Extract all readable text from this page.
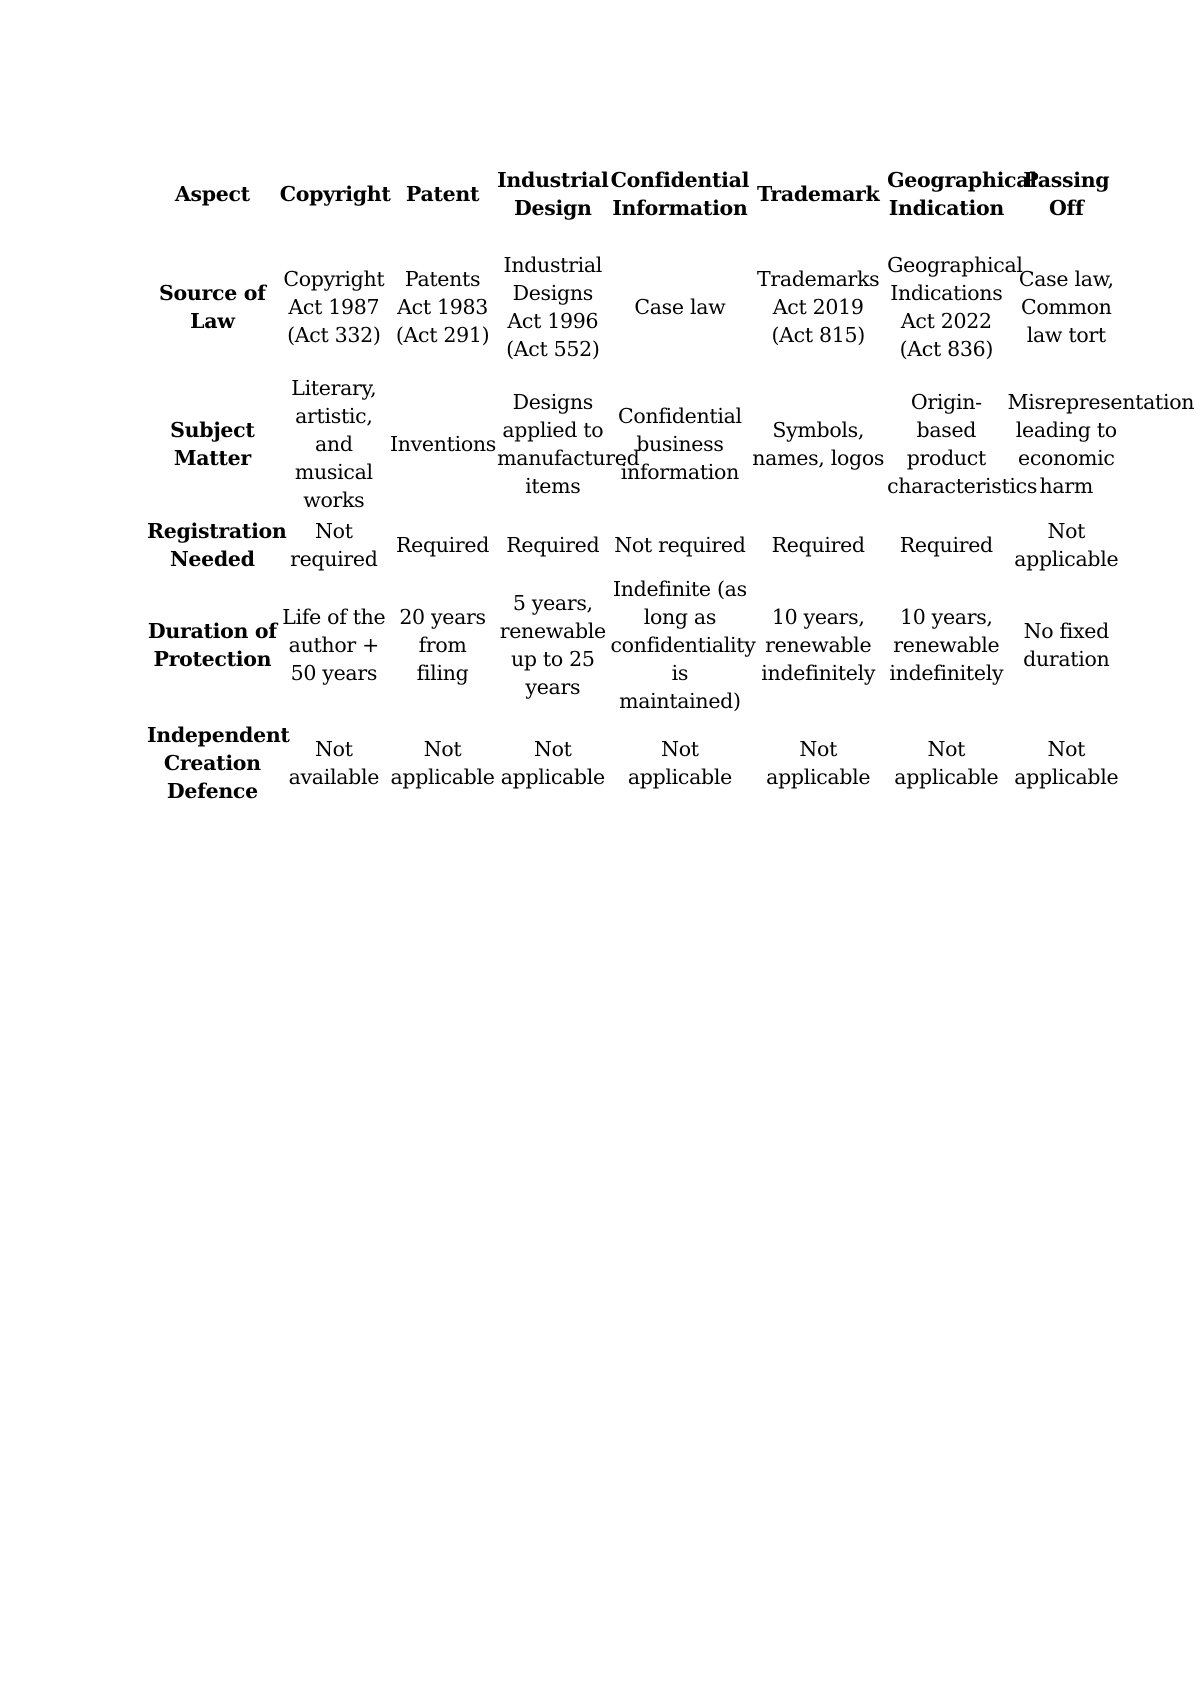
Aspect	Copyright	Patent	Industrial Design	Confidential Information	Trademark	Geographical Indication	Passing Off
Source of Law	Copyright Act 1987 (Act 332)	Patents Act 1983 (Act 291)	Industrial Designs Act 1996 (Act 552)	Case law	Trademarks Act 2019 (Act 815)	Geographical Indications Act 2022 (Act 836)	Case law, Common law tort
Subject Matter	Literary, artistic, and musical works	Inventions	Designs applied to manufactured items	Confidential business information	Symbols, names, logos	Origin-based product characteristics	Misrepresentation leading to economic harm
Registration Needed	Not required	Required	Required	Not required	Required	Required	Not applicable
Duration of Protection	Life of the author + 50 years	20 years from filing	5 years, renewable up to 25 years	Indefinite (as long as confidentiality is maintained)	10 years, renewable indefinitely	10 years, renewable indefinitely	No fixed duration
Independent Creation Defence	Not available	Not applicable	Not applicable	Not applicable	Not applicable	Not applicable	Not applicable
